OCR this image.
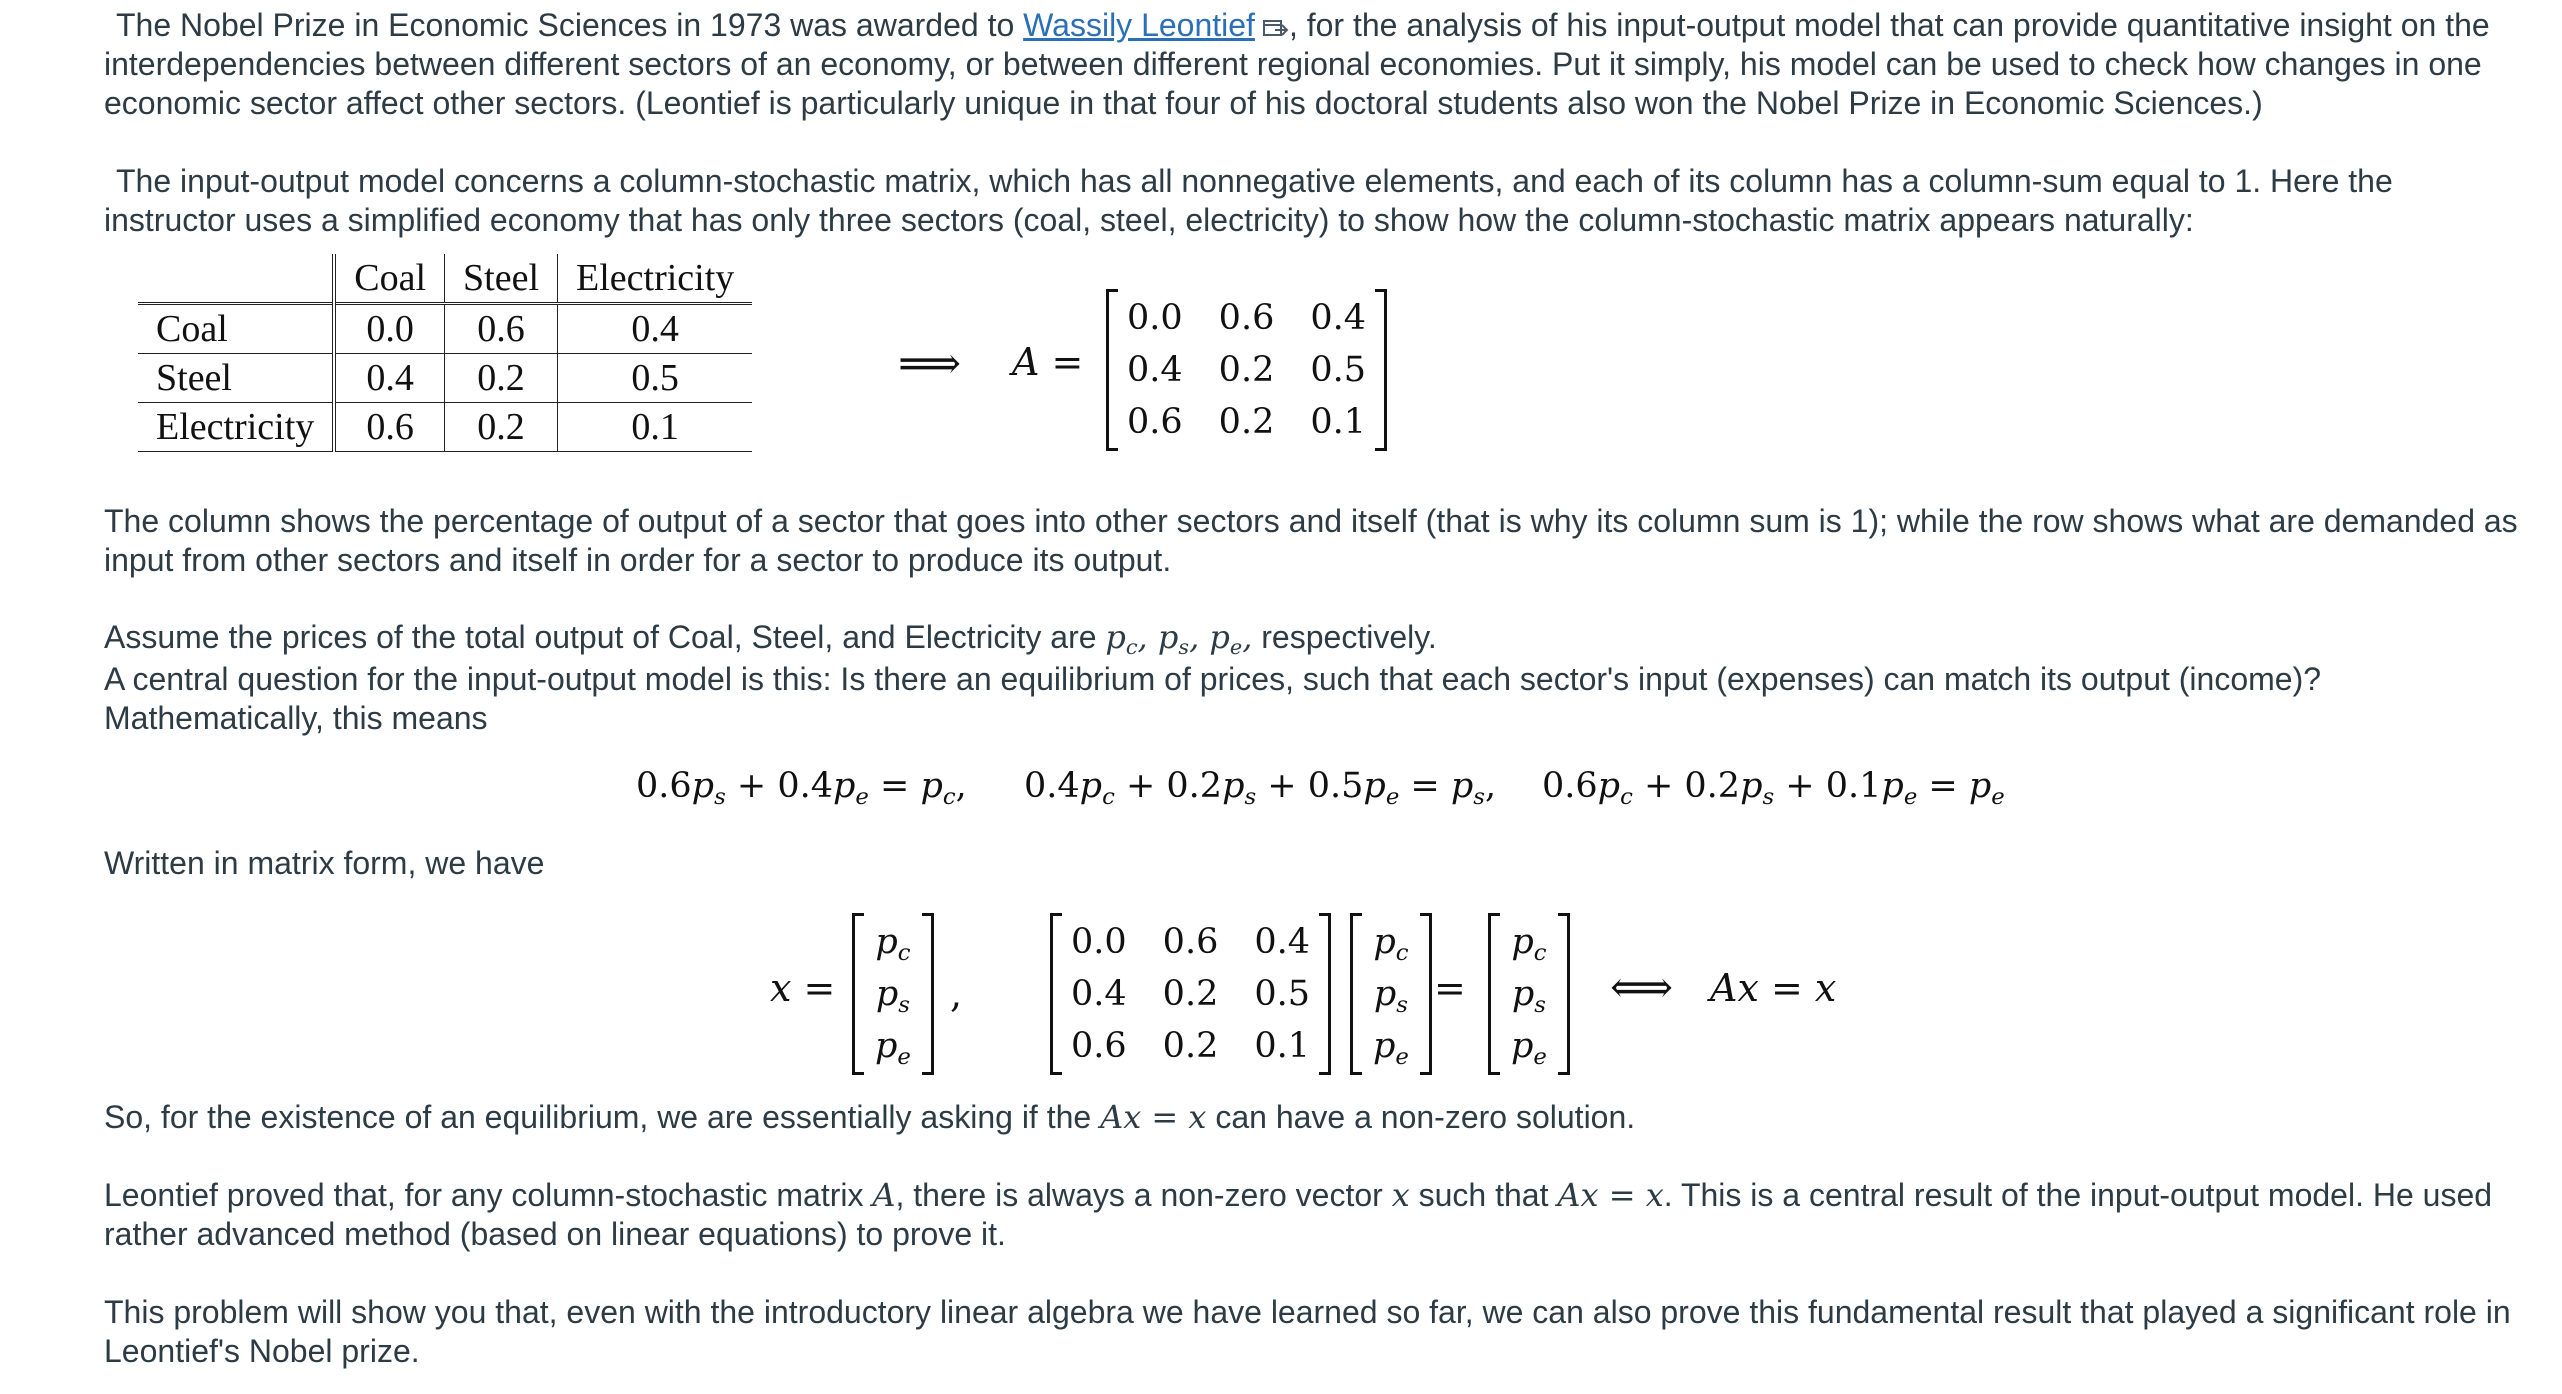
The Nobel Prize in Economic Sciences in 1973 was awarded to Wassily Leontief , for the analysis of his input-output model that can provide quantitative insight on the interdependencies between different sectors of an economy, or between different regional economies. Put it simply, his model can be used to check how changes in one economic sector affect other sectors. (Leontief is particularly unique in that four of his doctoral students also won the Nobel Prize in Economic Sciences.)
The input-output model concerns a column-stochastic matrix, which has all nonnegative elements, and each of its column has a column-sum equal to 1. Here the instructor uses a simplified economy that has only three sectors (coal, steel, electricity) to show how the column-stochastic matrix appears naturally:
	Coal	Steel	Electricity
Coal	0.0	0.6	0.4
Steel	0.4	0.2	0.5
Electricity	0.6	0.2	0.1
⟹ A =
0.0	0.6	0.4
0.4	0.2	0.5
0.6	0.2	0.1
The column shows the percentage of output of a sector that goes into other sectors and itself (that is why its column sum is 1); while the row shows what are demanded as input from other sectors and itself in order for a sector to produce its output.
Assume the prices of the total output of Coal, Steel, and Electricity are $p_c$, $p_s$, $p_e$, respectively.
A central question for the input-output model is this: Is there an equilibrium of prices, such that each sector's input (expenses) can match its output (income)?
Mathematically, this means
$0.6p_s + 0.4p_e = p_c$, $0.4p_c + 0.2p_s + 0.5p_e = p_s$, $0.6p_c + 0.2p_s + 0.1p_e = p_e$
Written in matrix form, we have
x =
$p_c$
$p_s$
$p_e$
,
0.0	0.6	0.4
0.4	0.2	0.5
0.6	0.2	0.1
$p_c$
$p_s$
$p_e$
=
$p_c$
$p_s$
$p_e$
⟺ Ax = x
So, for the existence of an equilibrium, we are essentially asking if the Ax = x can have a non-zero solution.
Leontief proved that, for any column-stochastic matrix A, there is always a non-zero vector x such that Ax = x. This is a central result of the input-output model. He used rather advanced method (based on linear equations) to prove it.
This problem will show you that, even with the introductory linear algebra we have learned so far, we can also prove this fundamental result that played a significant role in Leontief's Nobel prize.
